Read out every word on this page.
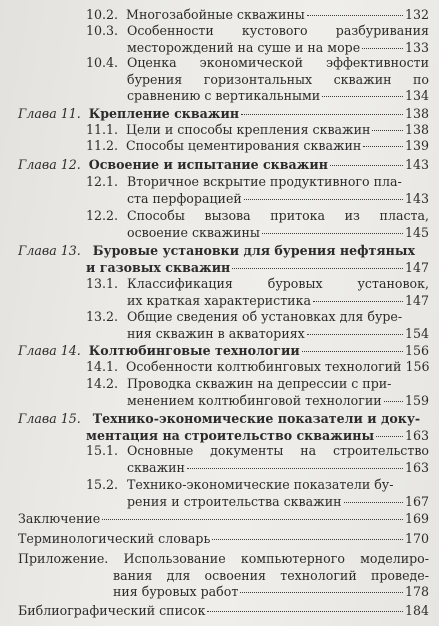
10.2. Многозабойные скважины	132
10.3. Особенности кустового разбуривания
месторождений на суше и на море	133
10.4. Оценка экономической эффективности
бурения горизонтальных скважин по
сравнению с вертикальными	134
Глава 11. Крепление скважин	138
11.1. Цели и способы крепления скважин	138
11.2. Способы цементирования скважин	139
Глава 12. Освоение и испытание скважин	143
12.1. Вторичное вскрытие продуктивного пла-
ста перфорацией	143
12.2. Способы вызова притока из пласта,
освоение скважины	145
Глава 13. Буровые установки для бурения нефтяных
и газовых скважин	147
13.1. Классификация буровых установок,
их краткая характеристика	147
13.2. Общие сведения об установках для буре-
ния скважин в акваториях	154
Глава 14. Колтюбинговые технологии	156
14.1. Особенности колтюбинговых технологий 156
14.2. Проводка скважин на депрессии с при-
менением колтюбинговой технологии 159
Глава 15. Технико-экономические показатели и доку-
ментация на строительство скважины 163
15.1. Основные документы на строительство
скважин	163
15.2. Технико-экономические показатели бу-
рения и строительства скважин	167
Заключение	169
Терминологический словарь	170
Приложение. Использование компьютерного моделиро-
вания для освоения технологий проведе-
ния буровых работ	178
Библиографический список	184
